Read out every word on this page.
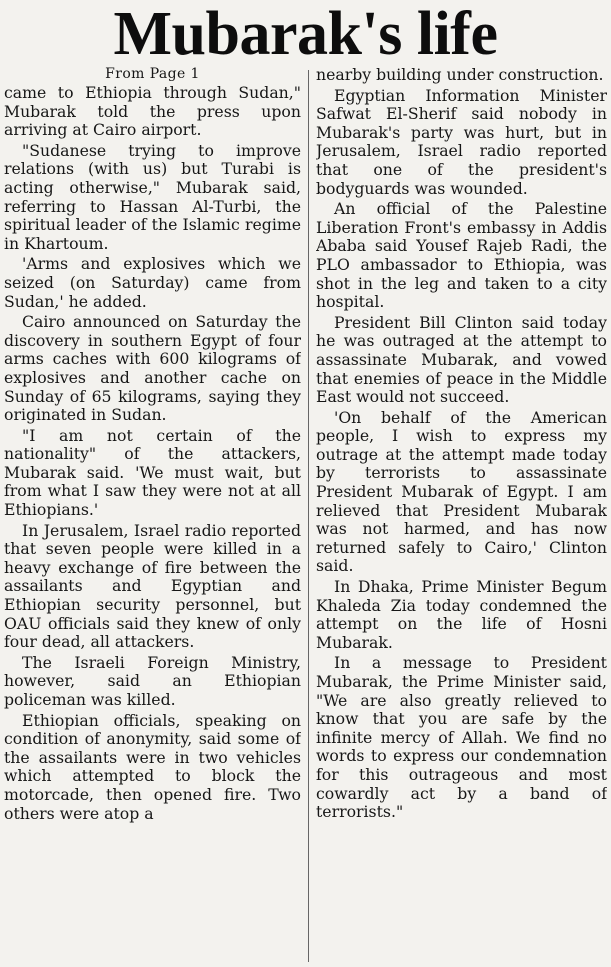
Mubarak's life
From Page 1

came to Ethiopia through Sudan," Mubarak told the press upon arriving at Cairo airport.

"Sudanese trying to improve relations (with us) but Turabi is acting otherwise," Mubarak said, referring to Hassan Al-Turbi, the spiritual leader of the Islamic regime in Khartoum.

'Arms and explosives which we seized (on Saturday) came from Sudan,' he added.

Cairo announced on Saturday the discovery in southern Egypt of four arms caches with 600 kilograms of explosives and another cache on Sunday of 65 kilograms, saying they originated in Sudan.

"I am not certain of the nationality" of the attackers, Mubarak said. 'We must wait, but from what I saw they were not at all Ethiopians.'

In Jerusalem, Israel radio reported that seven people were killed in a heavy exchange of fire between the assailants and Egyptian and Ethiopian security personnel, but OAU officials said they knew of only four dead, all attackers.

The Israeli Foreign Ministry, however, said an Ethiopian policeman was killed.

Ethiopian officials, speaking on condition of anonymity, said some of the assailants were in two vehicles which attempted to block the motorcade, then opened fire. Two others were atop a

nearby building under construction.

Egyptian Information Minister Safwat El-Sherif said nobody in Mubarak's party was hurt, but in Jerusalem, Israel radio reported that one of the president's bodyguards was wounded.

An official of the Palestine Liberation Front's embassy in Addis Ababa said Yousef Rajeb Radi, the PLO ambassador to Ethiopia, was shot in the leg and taken to a city hospital.

President Bill Clinton said today he was outraged at the attempt to assassinate Mubarak, and vowed that enemies of peace in the Middle East would not succeed.

'On behalf of the American people, I wish to express my outrage at the attempt made today by terrorists to assassinate President Mubarak of Egypt. I am relieved that President Mubarak was not harmed, and has now returned safely to Cairo,' Clinton said.

In Dhaka, Prime Minister Begum Khaleda Zia today condemned the attempt on the life of Hosni Mubarak.

In a message to President Mubarak, the Prime Minister said, "We are also greatly relieved to know that you are safe by the infinite mercy of Allah. We find no words to express our condemnation for this outrageous and most cowardly act by a band of terrorists."
